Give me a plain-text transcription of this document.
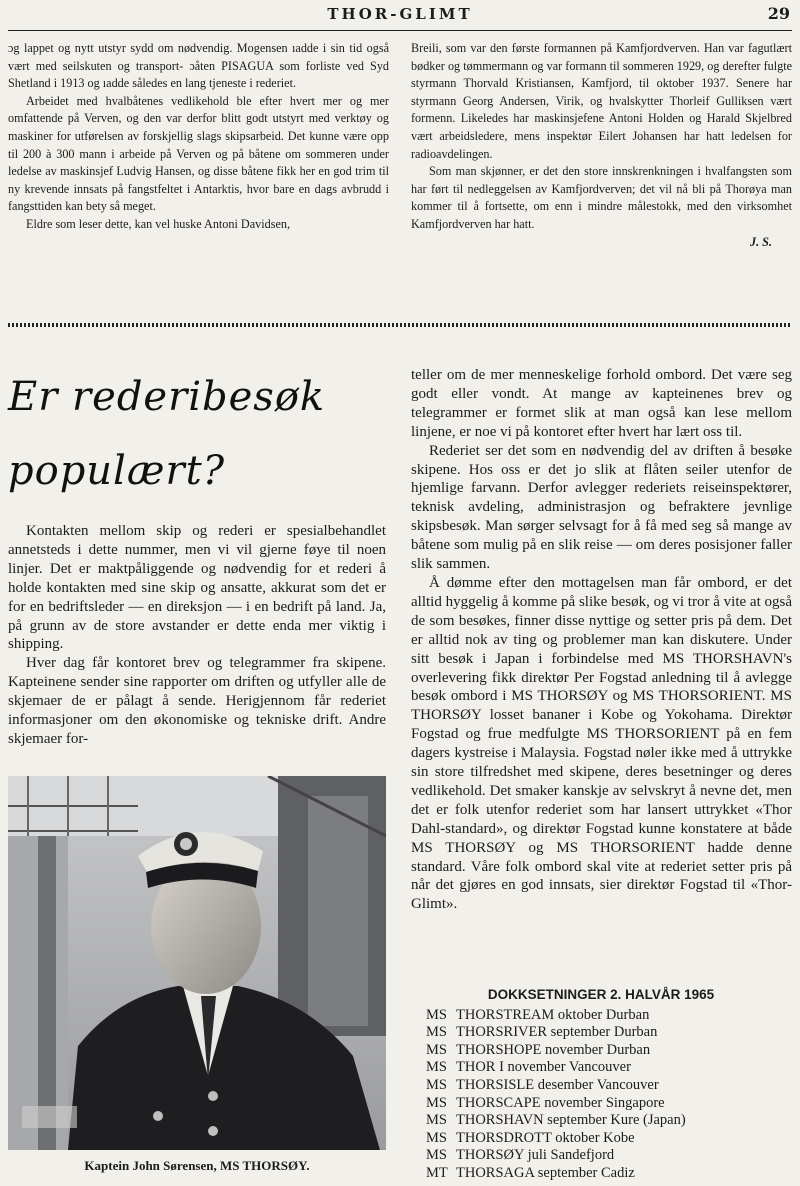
THOR-GLIMT	29

ɔg lappet og nytt utstyr sydd om nødvendig. Mogensen ıadde i sin tid også vært med seilskuten og transport- ɔåten PISAGUA som forliste ved Syd Shetland i 1913 og ıadde således en lang tjeneste i rederiet.

Arbeidet med hvalbåtenes vedlikehold ble efter hvert mer og mer omfattende på Verven, og den var derfor blitt godt utstyrt med verktøy og maskiner for utførelsen av forskjellig slags skipsarbeid. Det kunne være opp til 200 à 300 mann i arbeide på Verven og på båtene om sommeren under ledelse av maskinsjef Ludvig Hansen, og disse båtene fikk her en god trim til ny krevende innsats på fangstfeltet i Antarktis, hvor bare en dags avbrudd i fangsttiden kan bety så meget.

Eldre som leser dette, kan vel huske Antoni Davidsen,

Breili, som var den første formannen på Kamfjordverven. Han var fagutlært bødker og tømmermann og var formann til sommeren 1929, og derefter fulgte styrmann Thorvald Kristiansen, Kamfjord, til oktober 1937. Senere har styrmann Georg Andersen, Virik, og hvalskytter Thorleif Gulliksen vært formenn. Likeledes har maskinsjefene Antoni Holden og Harald Skjelbred vært arbeidsledere, mens inspektør Eilert Johansen har hatt ledelsen for radioavdelingen.

Som man skjønner, er det den store innskrenkningen i hvalfangsten som har ført til nedleggelsen av Kamfjordverven; det vil nå bli på Thorøya man kommer til å fortsette, om enn i mindre målestokk, med den virksomhet Kamfjordverven har hatt.

J. S.
Er rederibesøk
populært?

Kontakten mellom skip og rederi er spesialbehandlet annetsteds i dette nummer, men vi vil gjerne føye til noen linjer. Det er maktpåliggende og nødvendig for et rederi å holde kontakten med sine skip og ansatte, akkurat som det er for en bedriftsleder — en direksjon — i en bedrift på land. Ja, på grunn av de store avstander er dette enda mer viktig i shipping.

Hver dag får kontoret brev og telegrammer fra skipene. Kapteinene sender sine rapporter om driften og utfyller alle de skjemaer de er pålagt å sende. Herigjennom får rederiet informasjoner om den økonomiske og tekniske drift. Andre skjemaer for-

teller om de mer menneskelige forhold ombord. Det være seg godt eller vondt. At mange av kapteinenes brev og telegrammer er formet slik at man også kan lese mellom linjene, er noe vi på kontoret efter hvert har lært oss til.

Rederiet ser det som en nødvendig del av driften å besøke skipene. Hos oss er det jo slik at flåten seiler utenfor de hjemlige farvann. Derfor avlegger rederiets reiseinspektører, teknisk avdeling, administrasjon og befraktere jevnlige skipsbesøk. Man sørger selvsagt for å få med seg så mange av båtene som mulig på en slik reise — om deres posisjoner faller slik sammen.

Å dømme efter den mottagelsen man får ombord, er det alltid hyggelig å komme på slike besøk, og vi tror å vite at også de som besøkes, finner disse nyttige og setter pris på dem. Det er alltid nok av ting og problemer man kan diskutere. Under sitt besøk i Japan i forbindelse med MS THORSHAVN's overlevering fikk direktør Per Fogstad anledning til å avlegge besøk ombord i MS THORSØY og MS THORSORIENT. MS THORSØY losset bananer i Kobe og Yokohama. Direktør Fogstad og frue medfulgte MS THORSORIENT på en fem dagers kystreise i Malaysia. Fogstad nøler ikke med å uttrykke sin store tilfredshet med skipene, deres besetninger og deres vedlikehold. Det smaker kanskje av selvskryt å nevne det, men det er folk utenfor rederiet som har lansert uttrykket «Thor Dahl-standard», og direktør Fogstad kunne konstatere at både MS THORSØY og MS THORSORIENT hadde denne standard. Våre folk ombord skal vite at rederiet setter pris på når det gjøres en god innsats, sier direktør Fogstad til «Thor-Glimt».

Kaptein John Sørensen, MS THORSØY.
DOKKSETNINGER 2. HALVÅR 1965
MS THORSTREAM oktober Durban
MS THORSRIVER september Durban
MS THORSHOPE november Durban
MS THOR I november Vancouver
MS THORSISLE desember Vancouver
MS THORSCAPE november Singapore
MS THORSHAVN september Kure (Japan)
MS THORSDROTT oktober Kobe
MS THORSØY juli Sandefjord
MT THORSAGA september Cadiz
